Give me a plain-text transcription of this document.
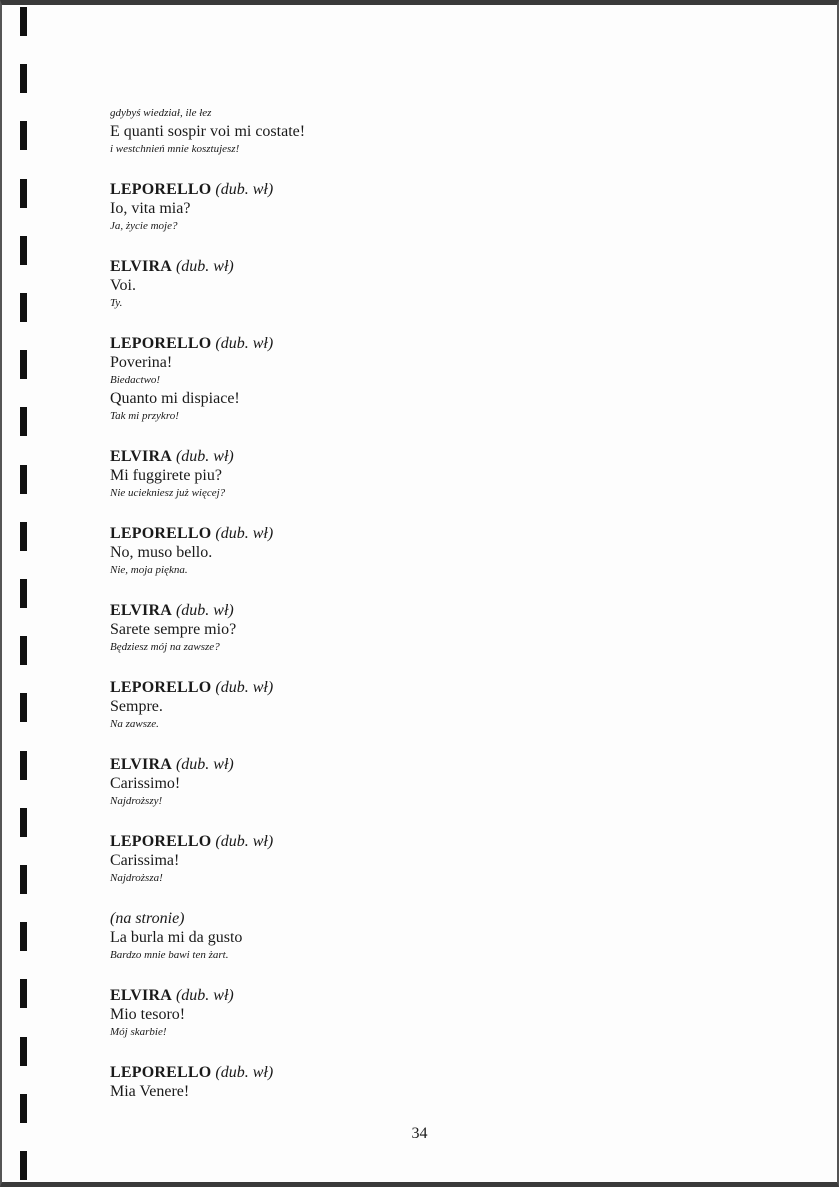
gdybyś wiedział, ile łez
E quanti sospir voi mi costate!
i westchnień mnie kosztujesz!
LEPORELLO (dub. wł)
Io, vita mia?
Ja, życie moje?
ELVIRA (dub. wł)
Voi.
Ty.
LEPORELLO (dub. wł)
Poverina!
Biedactwo!
Quanto mi dispiace!
Tak mi przykro!
ELVIRA (dub. wł)
Mi fuggirete piu?
Nie uciekniesz już więcej?
LEPORELLO (dub. wł)
No, muso bello.
Nie, moja piękna.
ELVIRA (dub. wł)
Sarete sempre mio?
Będziesz mój na zawsze?
LEPORELLO (dub. wł)
Sempre.
Na zawsze.
ELVIRA (dub. wł)
Carissimo!
Najdroższy!
LEPORELLO (dub. wł)
Carissima!
Najdroższa!
(na stronie)
La burla mi da gusto
Bardzo mnie bawi ten żart.
ELVIRA (dub. wł)
Mio tesoro!
Mój skarbie!
LEPORELLO (dub. wł)
Mia Venere!
34
